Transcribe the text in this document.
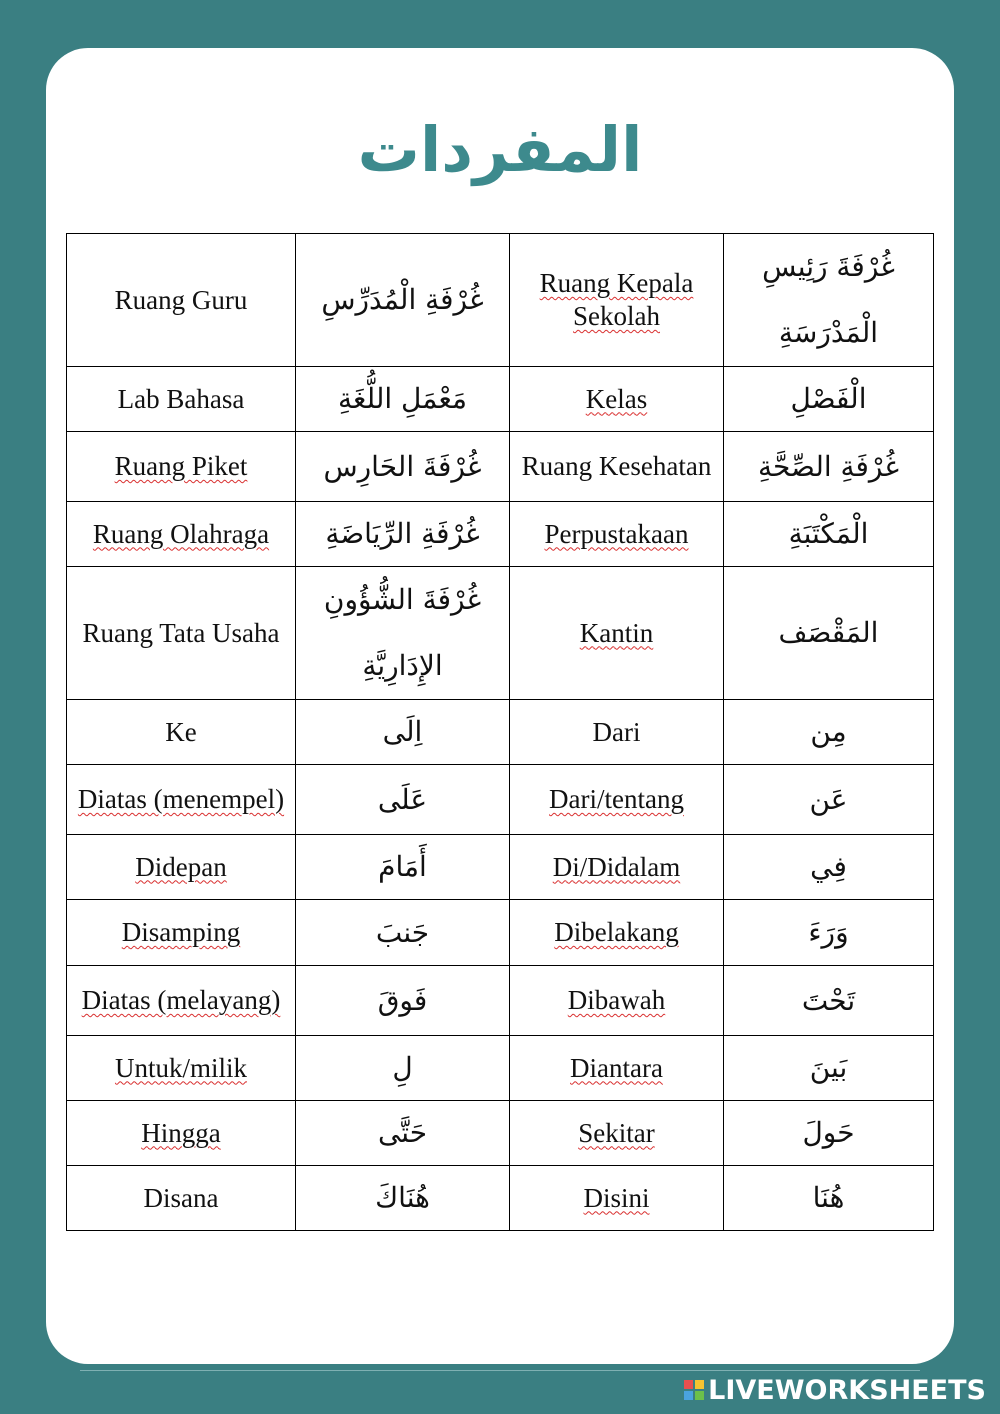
المفردات
Ruang Guru	غُرْفَةِ الْمُدَرِّسِ	Ruang Kepala Sekolah	غُرْفَةَ رَئِيسِ الْمَدْرَسَةِ
Lab Bahasa	مَعْمَلِ اللُّغَةِ	Kelas	الْفَصْلِ
Ruang Piket	غُرْفَةَ الحَارِس	Ruang Kesehatan	غُرْفَةِ الصِّحَّةِ
Ruang Olahraga	غُرْفَةِ الرِّيَاضَةِ	Perpustakaan	الْمَكْتَبَةِ
Ruang Tata Usaha	غُرْفَةَ الشُّؤُونِ الإِدَارِيَّةِ	Kantin	المَقْصَف
Ke	اِلَى	Dari	مِن
Diatas (menempel)	عَلَى	Dari/tentang	عَن
Didepan	أَمَامَ	Di/Didalam	فِي
Disamping	جَنبَ	Dibelakang	وَرَءَ
Diatas (melayang)	فَوقَ	Dibawah	تَحْتَ
Untuk/milik	لِ	Diantara	بَينَ
Hingga	حَتَّى	Sekitar	حَولَ
Disana	هُنَاكَ	Disini	هُنَا
LIVEWORKSHEETS
